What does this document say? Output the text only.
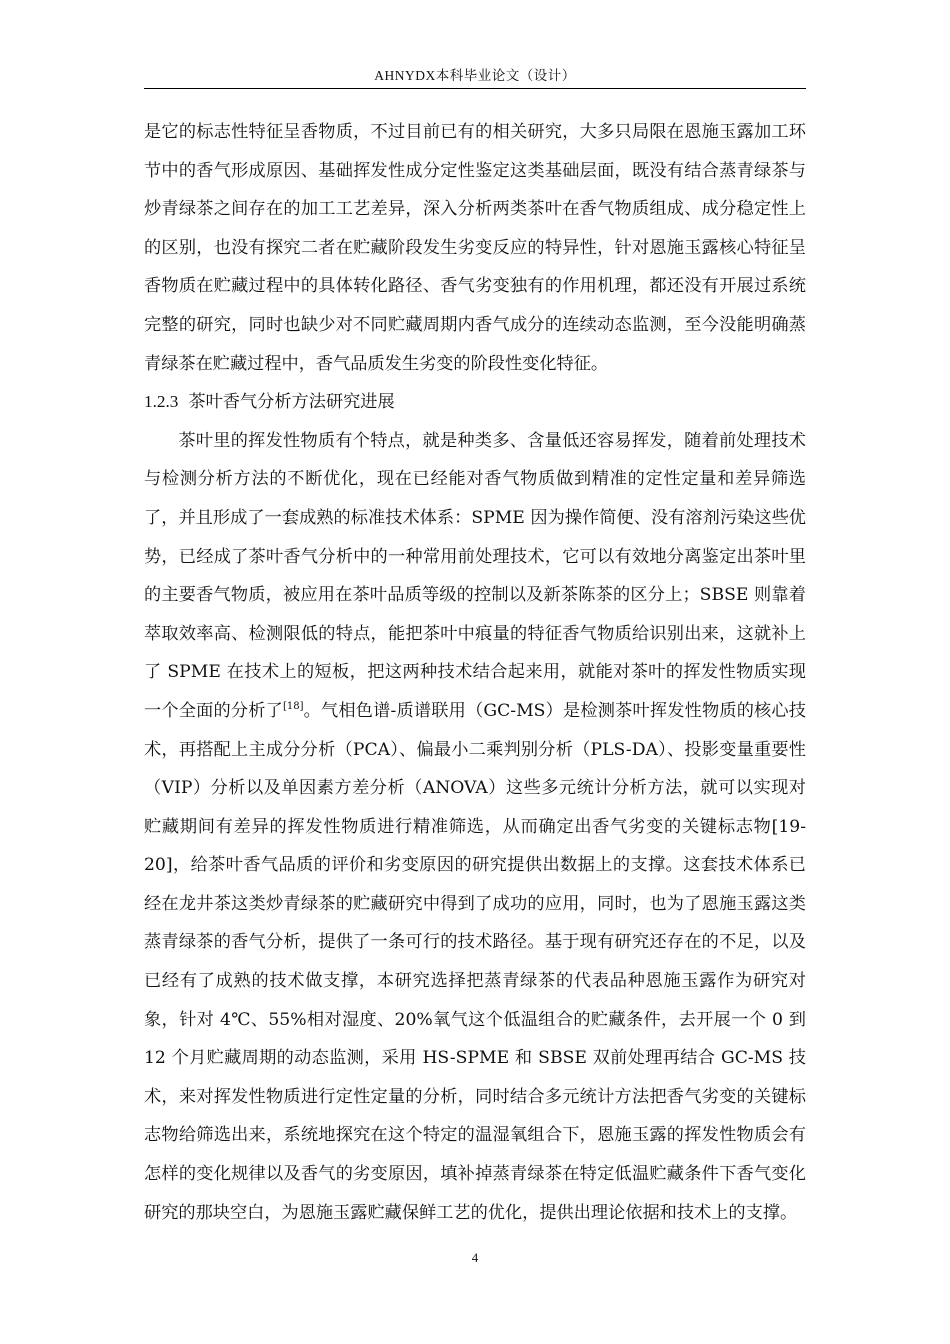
AHNYDX本科毕业论文（设计）

是它的标志性特征呈香物质，不过目前已有的相关研究，大多只局限在恩施玉露加工环节中的香气形成原因、基础挥发性成分定性鉴定这类基础层面，既没有结合蒸青绿茶与炒青绿茶之间存在的加工工艺差异，深入分析两类茶叶在香气物质组成、成分稳定性上的区别，也没有探究二者在贮藏阶段发生劣变反应的特异性，针对恩施玉露核心特征呈香物质在贮藏过程中的具体转化路径、香气劣变独有的作用机理，都还没有开展过系统完整的研究，同时也缺少对不同贮藏周期内香气成分的连续动态监测，至今没能明确蒸青绿茶在贮藏过程中，香气品质发生劣变的阶段性变化特征。

1.2.3 茶叶香气分析方法研究进展

茶叶里的挥发性物质有个特点，就是种类多、含量低还容易挥发，随着前处理技术与检测分析方法的不断优化，现在已经能对香气物质做到精准的定性定量和差异筛选了，并且形成了一套成熟的标准技术体系：SPME 因为操作简便、没有溶剂污染这些优势，已经成了茶叶香气分析中的一种常用前处理技术，它可以有效地分离鉴定出茶叶里的主要香气物质，被应用在茶叶品质等级的控制以及新茶陈茶的区分上；SBSE 则靠着萃取效率高、检测限低的特点，能把茶叶中痕量的特征香气物质给识别出来，这就补上了 SPME 在技术上的短板，把这两种技术结合起来用，就能对茶叶的挥发性物质实现一个全面的分析了[18]。气相色谱-质谱联用（GC-MS）是检测茶叶挥发性物质的核心技术，再搭配上主成分分析（PCA）、偏最小二乘判别分析（PLS-DA）、投影变量重要性（VIP）分析以及单因素方差分析（ANOVA）这些多元统计分析方法，就可以实现对贮藏期间有差异的挥发性物质进行精准筛选，从而确定出香气劣变的关键标志物[19-20]，给茶叶香气品质的评价和劣变原因的研究提供出数据上的支撑。这套技术体系已经在龙井茶这类炒青绿茶的贮藏研究中得到了成功的应用，同时，也为了恩施玉露这类蒸青绿茶的香气分析，提供了一条可行的技术路径。基于现有研究还存在的不足，以及已经有了成熟的技术做支撑，本研究选择把蒸青绿茶的代表品种恩施玉露作为研究对象，针对 4℃、55%相对湿度、20%氧气这个低温组合的贮藏条件，去开展一个 0 到 12 个月贮藏周期的动态监测，采用 HS-SPME 和 SBSE 双前处理再结合 GC-MS 技术，来对挥发性物质进行定性定量的分析，同时结合多元统计方法把香气劣变的关键标志物给筛选出来，系统地探究在这个特定的温湿氧组合下，恩施玉露的挥发性物质会有怎样的变化规律以及香气的劣变原因，填补掉蒸青绿茶在特定低温贮藏条件下香气变化研究的那块空白，为恩施玉露贮藏保鲜工艺的优化，提供出理论依据和技术上的支撑。

4
